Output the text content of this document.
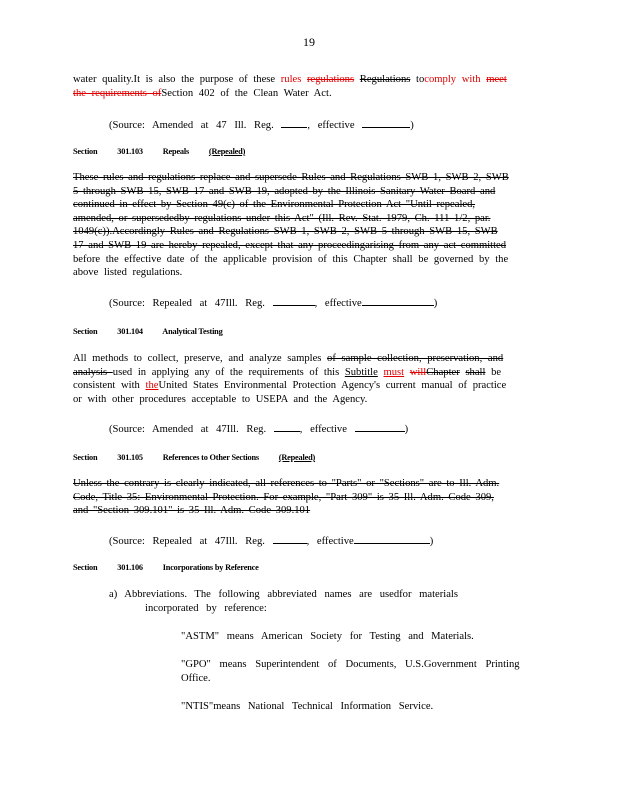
19
water quality.It is also the purpose of these rules regulations Regulations tocomply with meet
the requirements ofSection 402 of the Clean Water Act.
(Source: Amended at 47 Ill. Reg.	, effective	)
Section 301.103 Repeals (Repealed)
These rules and regulations replace and supersede Rules and Regulations SWB 1, SWB 2, SWB
5 through SWB 15, SWB 17 and SWB 19, adopted by the Illinois Sanitary Water Board and
continued in effect by Section 49(c) of the Environmental Protection Act "Until repealed,
amended, or supersededby regulations under this Act" (Ill. Rev. Stat. 1979, Ch. 111 1/2, par.
1049(c)).Accordingly Rules and Regulations SWB 1, SWB 2, SWB 5 through SWB 15, SWB
17 and SWB 19 are hereby repealed, except that any proceedingarising from any act committed
before the effective date of the applicable provision of this Chapter shall be governed by the
above listed regulations.
(Source: Repealed at 47Ill. Reg.	, effective	)
Section 301.104 Analytical Testing
All methods to collect, preserve, and analyze samples of sample collection, preservation, and
analysis used in applying any of the requirements of this Subtitle must willChapter shall be
consistent with theUnited States Environmental Protection Agency's current manual of practice
or with other procedures acceptable to USEPA and the Agency.
(Source: Amended at 47Ill. Reg.	, effective	)
Section 301.105 References to Other Sections (Repealed)
Unless the contrary is clearly indicated, all references to "Parts" or "Sections" are to Ill. Adm.
Code, Title 35: Environmental Protection. For example, "Part 309" is 35 Ill. Adm. Code 309,
and "Section 309.101" is 35 Ill. Adm. Code 309.101
(Source: Repealed at 47Ill. Reg.	, effective	)
Section 301.106 Incorporations by Reference
a) Abbreviations. The following abbreviated names are usedfor materials
incorporated by reference:
"ASTM" means American Society for Testing and Materials.
"GPO" means Superintendent of Documents, U.S.Government Printing
Office.
"NTIS"means National Technical Information Service.
